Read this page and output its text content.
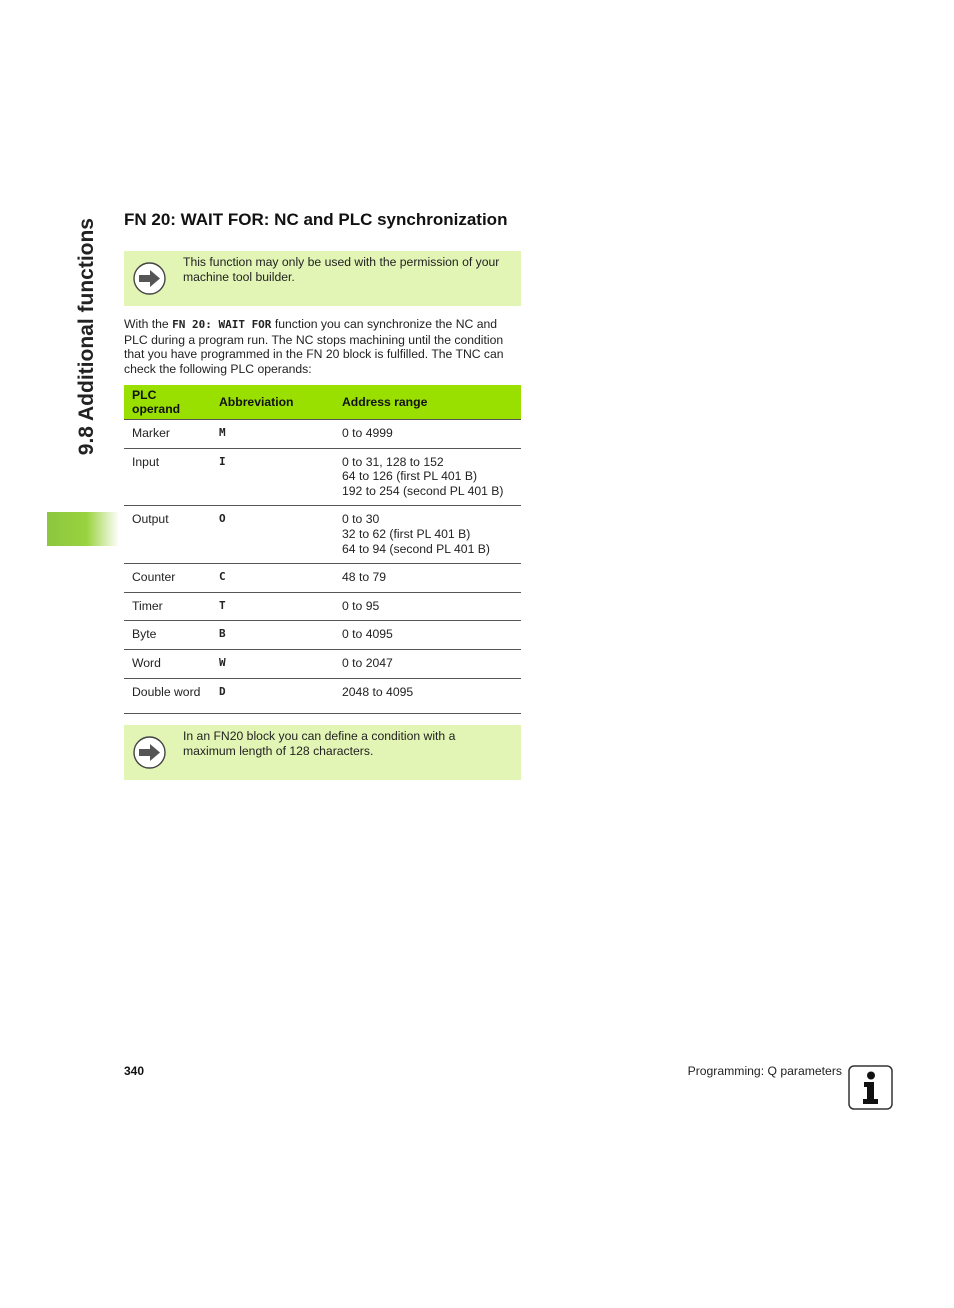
9.8 Additional functions FN 20: WAIT FOR: NC and PLC synchronization
This function may only be used with the permission of your machine tool builder.

With the FN 20: WAIT FOR function you can synchronize the NC and PLC during a program run. The NC stops machining until the condition that you have programmed in the FN 20 block is fulfilled. The TNC can check the following PLC operands:

PLC operand	Abbreviation	Address range
Marker	M	0 to 4999

Input	I	0 to 31, 128 to 152
64 to 126 (first PL 401 B)
192 to 254 (second PL 401 B)

Output	O	0 to 30
32 to 62 (first PL 401 B)
64 to 94 (second PL 401 B)

Counter	C	48 to 79

Timer	T	0 to 95

Byte	B	0 to 4095

Word	W	0 to 2047

Double word	D	2048 to 4095
In an FN20 block you can define a condition with a maximum length of 128 characters.
340	Programming: Q parameters
